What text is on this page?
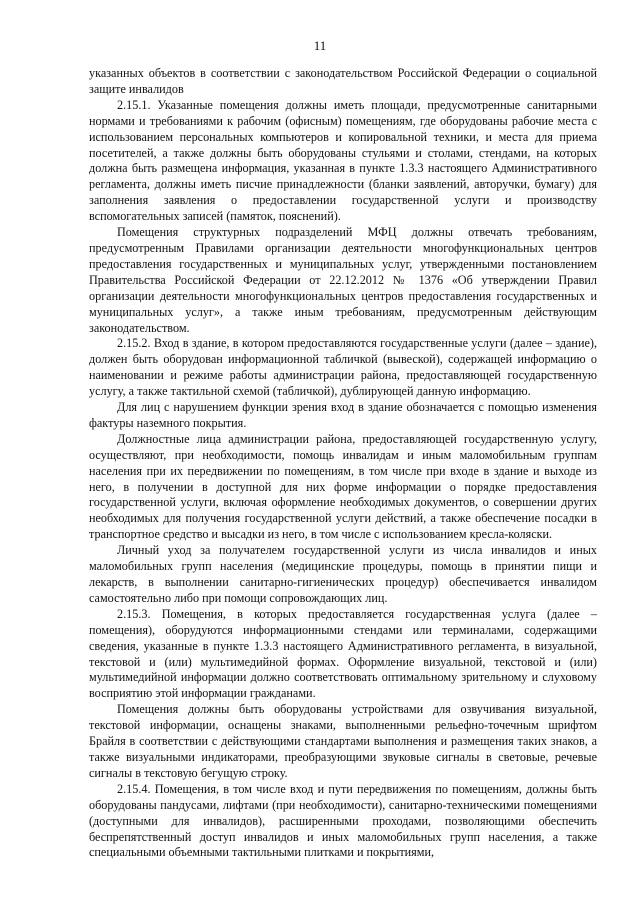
11

указанных объектов в соответствии с законодательством Российской Федерации о социальной защите инвалидов

2.15.1. Указанные помещения должны иметь площади, предусмотренные санитарными нормами и требованиями к рабочим (офисным) помещениям, где оборудованы рабочие места с использованием персональных компьютеров и копировальной техники, и места для приема посетителей, а также должны быть оборудованы стульями и столами, стендами, на которых должна быть размещена информация, указанная в пункте 1.3.3 настоящего Административного регламента, должны иметь писчие принадлежности (бланки заявлений, авторучки, бумагу) для заполнения заявления о предоставлении государственной услуги и производству вспомогательных записей (памяток, пояснений).

Помещения структурных подразделений МФЦ должны отвечать требованиям, предусмотренным Правилами организации деятельности многофункциональных центров предоставления государственных и муниципальных услуг, утвержденными постановлением Правительства Российской Федерации от 22.12.2012 № 1376 «Об утверждении Правил организации деятельности многофункциональных центров предоставления государственных и муниципальных услуг», а также иным требованиям, предусмотренным действующим законодательством.

2.15.2. Вход в здание, в котором предоставляются государственные услуги (далее – здание), должен быть оборудован информационной табличкой (вывеской), содержащей информацию о наименовании и режиме работы администрации района, предоставляющей государственную услугу, а также тактильной схемой (табличкой), дублирующей данную информацию.

Для лиц с нарушением функции зрения вход в здание обозначается с помощью изменения фактуры наземного покрытия.

Должностные лица администрации района, предоставляющей государственную услугу, осуществляют, при необходимости, помощь инвалидам и иным маломобильным группам населения при их передвижении по помещениям, в том числе при входе в здание и выходе из него, в получении в доступной для них форме информации о порядке предоставления государственной услуги, включая оформление необходимых документов, о совершении других необходимых для получения государственной услуги действий, а также обеспечение посадки в транспортное средство и высадки из него, в том числе с использованием кресла-коляски.

Личный уход за получателем государственной услуги из числа инвалидов и иных маломобильных групп населения (медицинские процедуры, помощь в принятии пищи и лекарств, в выполнении санитарно-гигиенических процедур) обеспечивается инвалидом самостоятельно либо при помощи сопровождающих лиц.

2.15.3. Помещения, в которых предоставляется государственная услуга (далее – помещения), оборудуются информационными стендами или терминалами, содержащими сведения, указанные в пункте 1.3.3 настоящего Административного регламента, в визуальной, текстовой и (или) мультимедийной формах. Оформление визуальной, текстовой и (или) мультимедийной информации должно соответствовать оптимальному зрительному и слуховому восприятию этой информации гражданами.

Помещения должны быть оборудованы устройствами для озвучивания визуальной, текстовой информации, оснащены знаками, выполненными рельефно-точечным шрифтом Брайля в соответствии с действующими стандартами выполнения и размещения таких знаков, а также визуальными индикаторами, преобразующими звуковые сигналы в световые, речевые сигналы в текстовую бегущую строку.

2.15.4. Помещения, в том числе вход и пути передвижения по помещениям, должны быть оборудованы пандусами, лифтами (при необходимости), санитарно-техническими помещениями (доступными для инвалидов), расширенными проходами, позволяющими обеспечить беспрепятственный доступ инвалидов и иных маломобильных групп населения, а также специальными объемными тактильными плитками и покрытиями,
